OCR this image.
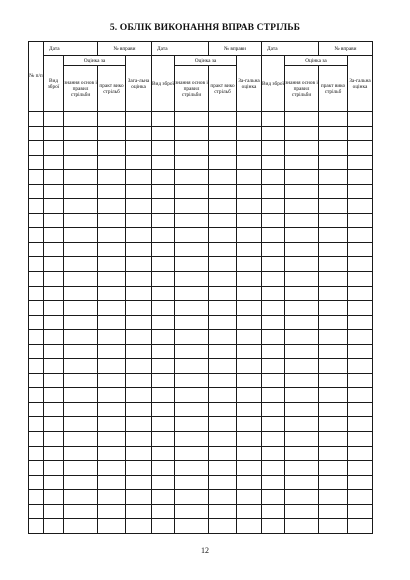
5. ОБЛІК ВИКОНАННЯ ВПРАВ СТРІЛЬБ
№ п/п	Дата		№ вправи		Дата		№ вправи		Дата		№ вправи	
	Вид зброї	Оцінка за		Зага-льна оцінка	Вид зброї	Оцінка за		За-гальна оцінка	Вид зброї	Оцінка за		За-гальна оцінка
		знання основ і правил стрільби	практ вико стрільб			знання основ і правил стрільби	практ вико стрільб			знання основ і правил стрільби	практ вико стрільб	

12
